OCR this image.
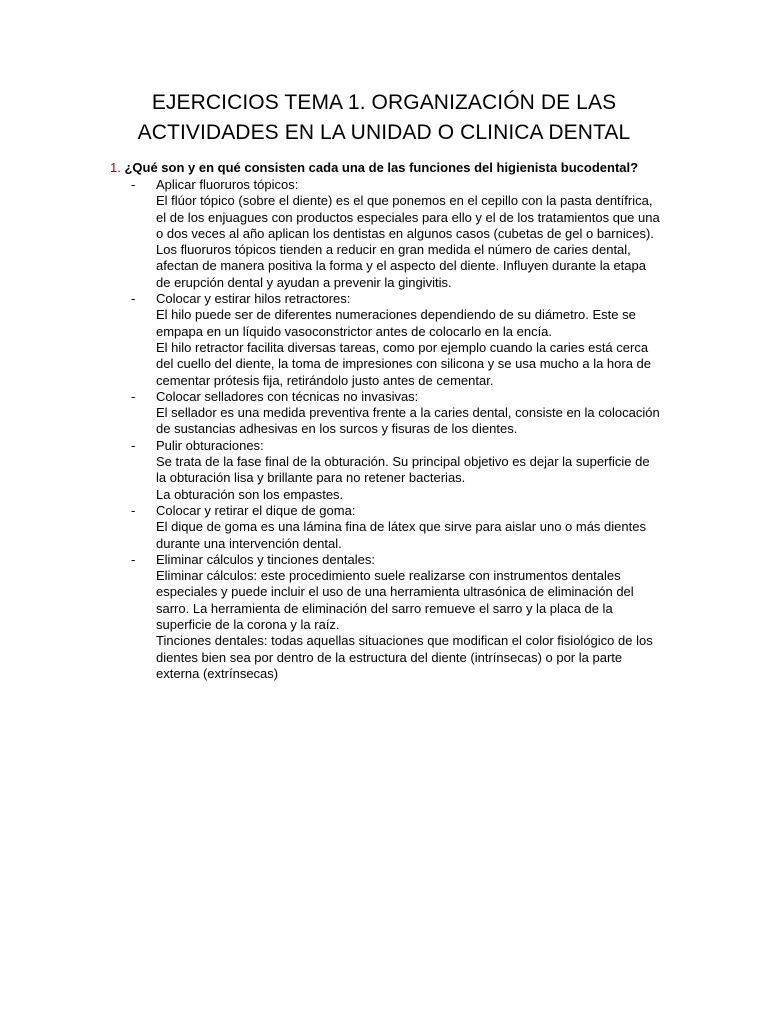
EJERCICIOS TEMA 1. ORGANIZACIÓN DE LAS
ACTIVIDADES EN LA UNIDAD O CLINICA DENTAL
1. ¿Qué son y en qué consisten cada una de las funciones del higienista bucodental?
-	Aplicar fluoruros tópicos:
El flúor tópico (sobre el diente) es el que ponemos en el cepillo con la pasta dentífrica,
el de los enjuagues con productos especiales para ello y el de los tratamientos que una
o dos veces al año aplican los dentistas en algunos casos (cubetas de gel o barnices).
Los fluoruros tópicos tienden a reducir en gran medida el número de caries dental,
afectan de manera positiva la forma y el aspecto del diente. Influyen durante la etapa
de erupción dental y ayudan a prevenir la gingivitis.
-	Colocar y estirar hilos retractores:
El hilo puede ser de diferentes numeraciones dependiendo de su diámetro. Este se
empapa en un líquido vasoconstrictor antes de colocarlo en la encía.
El hilo retractor facilita diversas tareas, como por ejemplo cuando la caries está cerca
del cuello del diente, la toma de impresiones con silicona y se usa mucho a la hora de
cementar prótesis fija, retirándolo justo antes de cementar.
-	Colocar selladores con técnicas no invasivas:
El sellador es una medida preventiva frente a la caries dental, consiste en la colocación
de sustancias adhesivas en los surcos y fisuras de los dientes.
-	Pulir obturaciones:
Se trata de la fase final de la obturación. Su principal objetivo es dejar la superficie de
la obturación lisa y brillante para no retener bacterias.
La obturación son los empastes.
-	Colocar y retirar el dique de goma:
El dique de goma es una lámina fina de látex que sirve para aislar uno o más dientes
durante una intervención dental.
-	Eliminar cálculos y tinciones dentales:
Eliminar cálculos: este procedimiento suele realizarse con instrumentos dentales
especiales y puede incluir el uso de una herramienta ultrasónica de eliminación del
sarro. La herramienta de eliminación del sarro remueve el sarro y la placa de la
superficie de la corona y la raíz.
Tinciones dentales: todas aquellas situaciones que modifican el color fisiológico de los
dientes bien sea por dentro de la estructura del diente (intrínsecas) o por la parte
externa (extrínsecas)
